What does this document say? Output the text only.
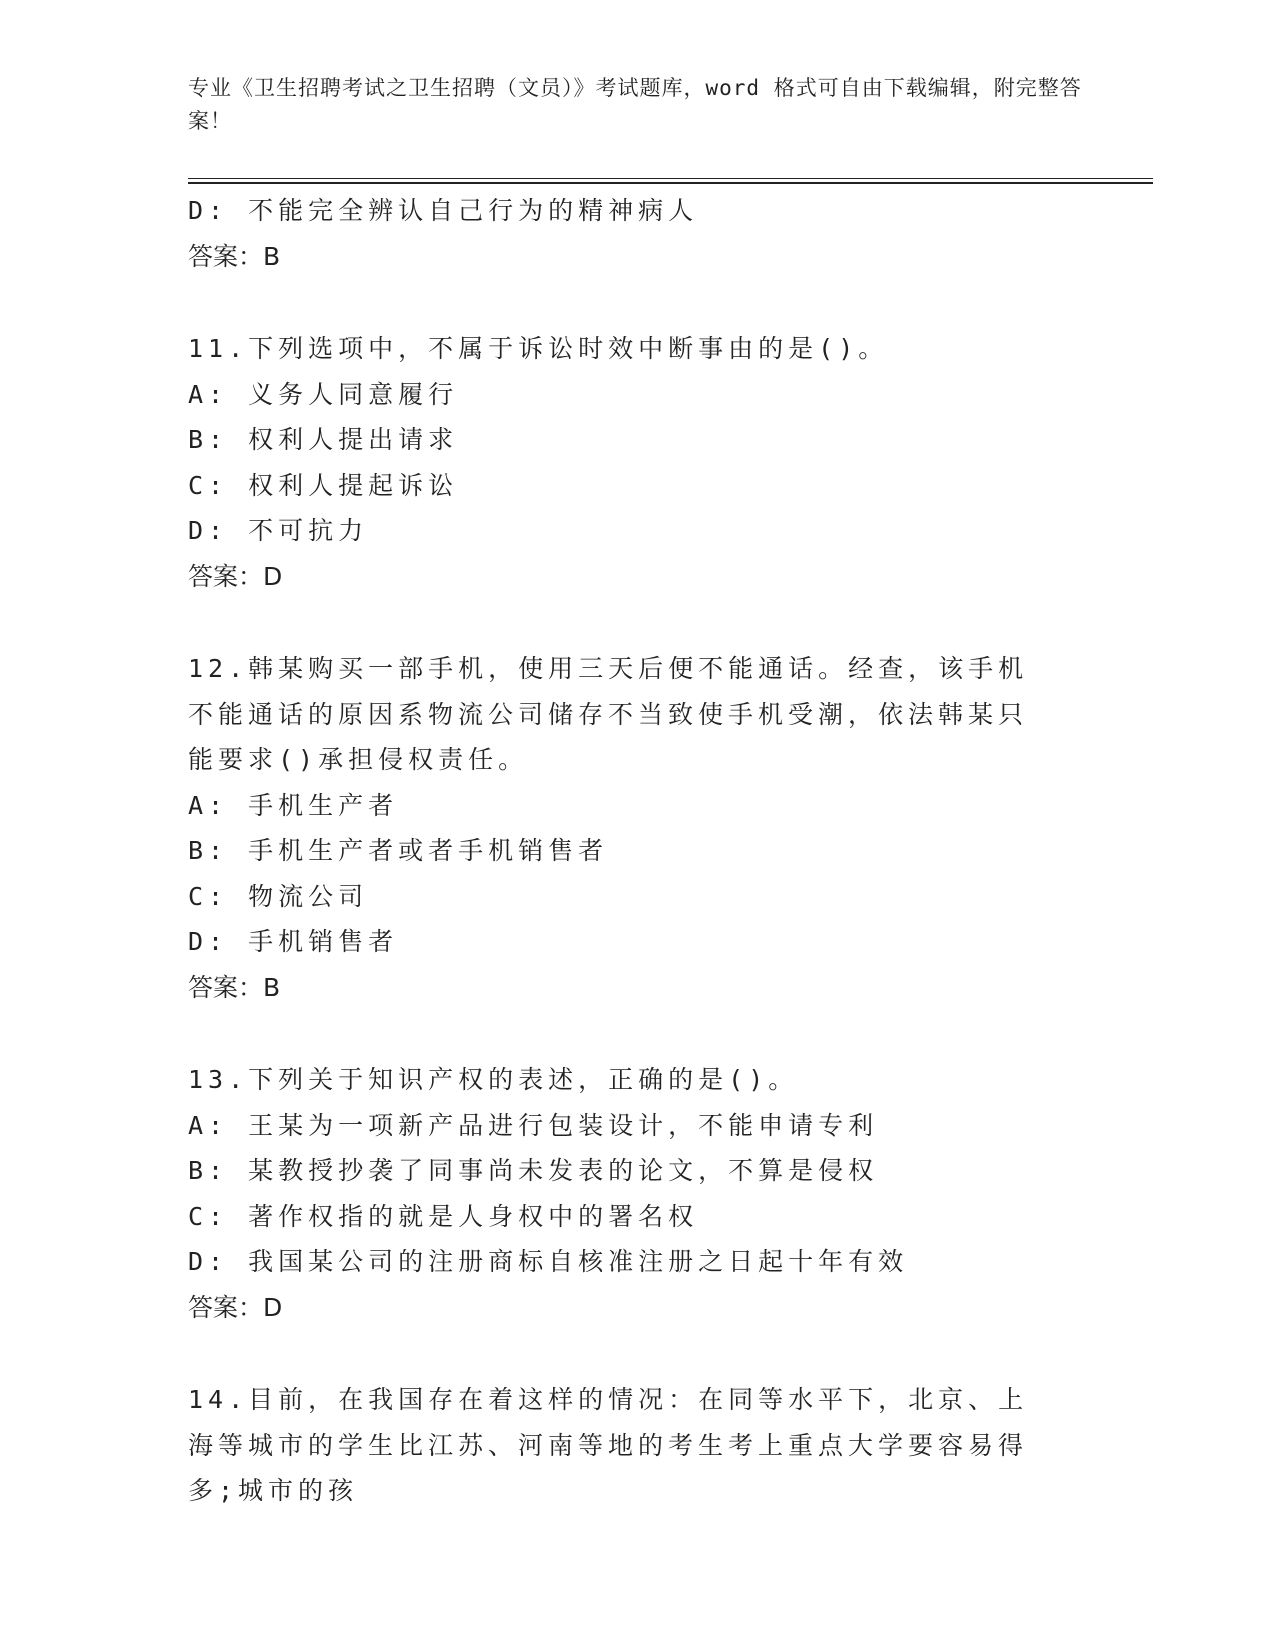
专业《卫生招聘考试之卫生招聘（文员）》考试题库，word 格式可自由下载编辑，附完整答案！

D: 不能完全辨认自己行为的精神病人

答案：B

11.下列选项中，不属于诉讼时效中断事由的是()。

A: 义务人同意履行

B: 权利人提出请求

C: 权利人提起诉讼

D: 不可抗力

答案：D

12.韩某购买一部手机，使用三天后便不能通话。经查，该手机不能通话的原因系物流公司储存不当致使手机受潮，依法韩某只能要求()承担侵权责任。

A: 手机生产者

B: 手机生产者或者手机销售者

C: 物流公司

D: 手机销售者

答案：B

13.下列关于知识产权的表述，正确的是()。

A: 王某为一项新产品进行包装设计，不能申请专利

B: 某教授抄袭了同事尚未发表的论文，不算是侵权

C: 著作权指的就是人身权中的署名权

D: 我国某公司的注册商标自核准注册之日起十年有效

答案：D

14.目前，在我国存在着这样的情况：在同等水平下，北京、上海等城市的学生比江苏、河南等地的考生考上重点大学要容易得多;城市的孩
